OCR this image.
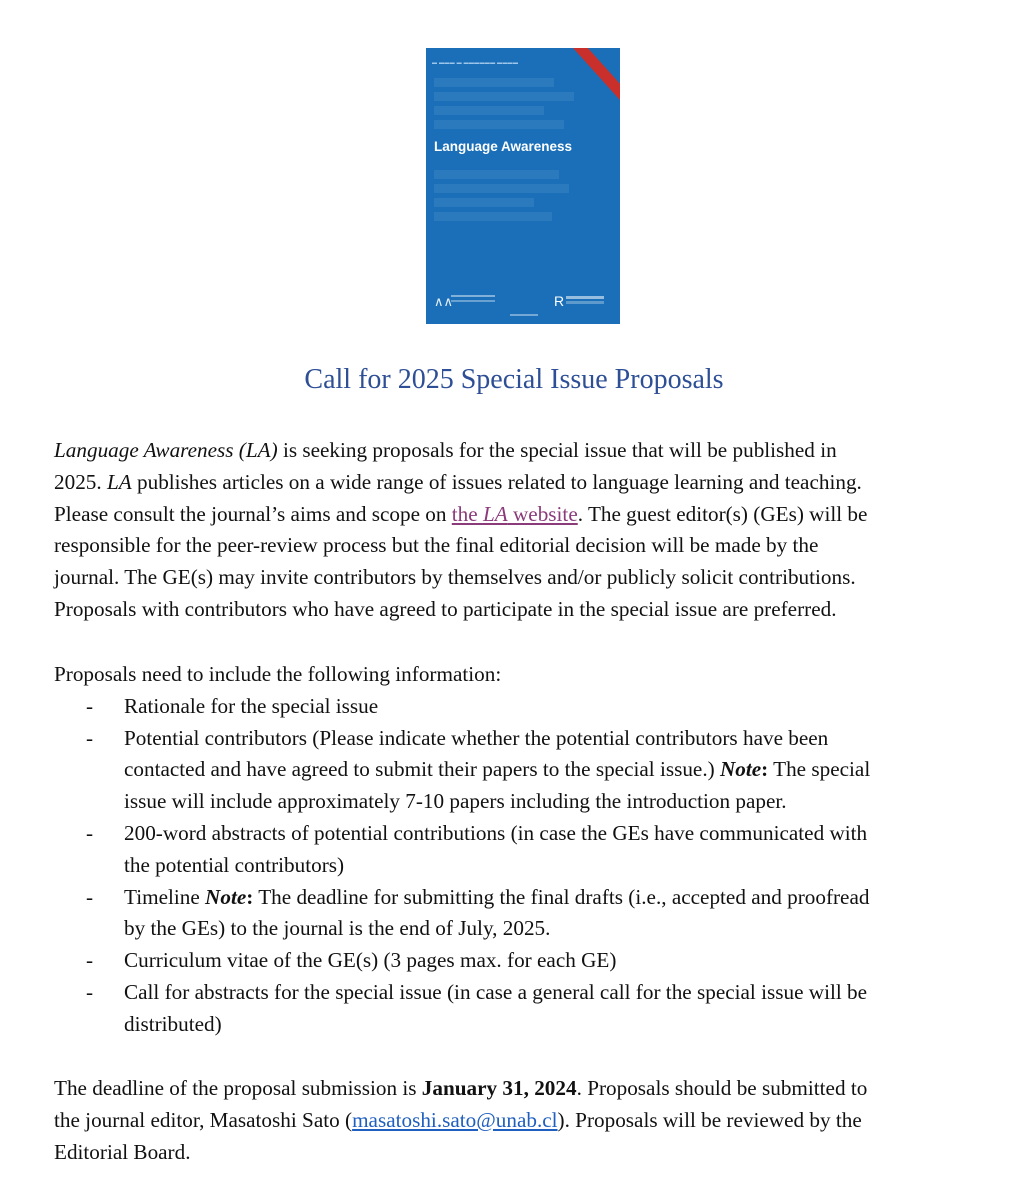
▬ ▬▬▬ ▬ ▬▬▬▬▬▬ ▬▬▬▬
Language Awareness
∧∧	R
Call for 2025 Special Issue Proposals
Language Awareness (LA) is seeking proposals for the special issue that will be published in
2025. LA publishes articles on a wide range of issues related to language learning and teaching.
Please consult the journal’s aims and scope on the LA website. The guest editor(s) (GEs) will be
responsible for the peer-review process but the final editorial decision will be made by the
journal. The GE(s) may invite contributors by themselves and/or publicly solicit contributions.
Proposals with contributors who have agreed to participate in the special issue are preferred.
Proposals need to include the following information:
- Rationale for the special issue
- Potential contributors (Please indicate whether the potential contributors have been
contacted and have agreed to submit their papers to the special issue.) Note: The special
issue will include approximately 7-10 papers including the introduction paper.
- 200-word abstracts of potential contributions (in case the GEs have communicated with
the potential contributors)
- Timeline Note: The deadline for submitting the final drafts (i.e., accepted and proofread
by the GEs) to the journal is the end of July, 2025.
- Curriculum vitae of the GE(s) (3 pages max. for each GE)
- Call for abstracts for the special issue (in case a general call for the special issue will be
distributed)
The deadline of the proposal submission is January 31, 2024. Proposals should be submitted to
the journal editor, Masatoshi Sato (masatoshi.sato@unab.cl). Proposals will be reviewed by the
Editorial Board.
